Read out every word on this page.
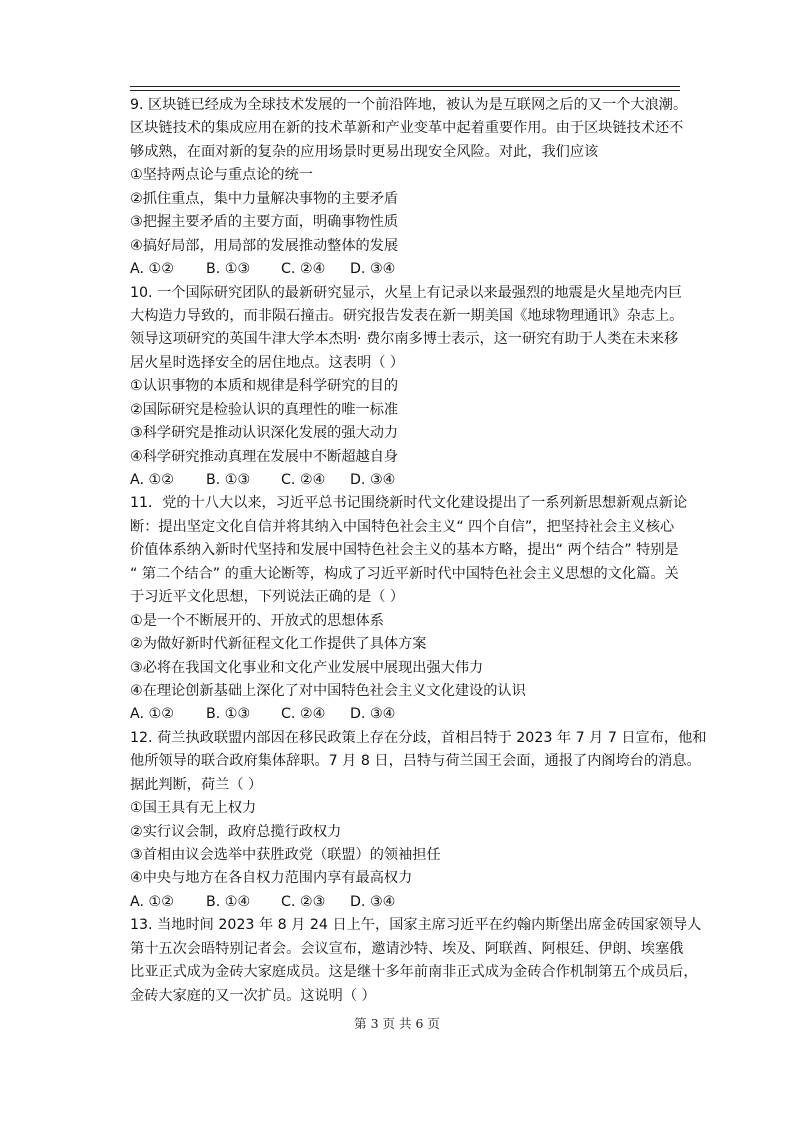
9. 区块链已经成为全球技术发展的一个前沿阵地，被认为是互联网之后的又一个大浪潮。
区块链技术的集成应用在新的技术革新和产业变革中起着重要作用。由于区块链技术还不
够成熟，在面对新的复杂的应用场景时更易出现安全风险。对此，我们应该
①坚持两点论与重点论的统一
②抓住重点，集中力量解决事物的主要矛盾
③把握主要矛盾的主要方面，明确事物性质
④搞好局部，用局部的发展推动整体的发展
A. ①②	B. ①③	C. ②④	D. ③④
10. 一个国际研究团队的最新研究显示，火星上有记录以来最强烈的地震是火星地壳内巨
大构造力导致的，而非陨石撞击。研究报告发表在新一期美国《地球物理通讯》杂志上。
领导这项研究的英国牛津大学本杰明· 费尔南多博士表示，这一研究有助于人类在未来移
居火星时选择安全的居住地点。这表明（ ）
①认识事物的本质和规律是科学研究的目的
②国际研究是检验认识的真理性的唯一标准
③科学研究是推动认识深化发展的强大动力
④科学研究推动真理在发展中不断超越自身
A. ①②	B. ①③	C. ②④	D. ③④
11．党的十八大以来，习近平总书记围绕新时代文化建设提出了一系列新思想新观点新论
断：提出坚定文化自信并将其纳入中国特色社会主义“ 四个自信”，把坚持社会主义核心
价值体系纳入新时代坚持和发展中国特色社会主义的基本方略，提出“ 两个结合” 特别是
“ 第二个结合” 的重大论断等，构成了习近平新时代中国特色社会主义思想的文化篇。关
于习近平文化思想，下列说法正确的是（ ）
①是一个不断展开的、开放式的思想体系
②为做好新时代新征程文化工作提供了具体方案
③必将在我国文化事业和文化产业发展中展现出强大伟力
④在理论创新基础上深化了对中国特色社会主义文化建设的认识
A. ①②	B. ①③	C. ②④	D. ③④
12. 荷兰执政联盟内部因在移民政策上存在分歧，首相吕特于 2023 年 7 月 7 日宣布，他和
他所领导的联合政府集体辞职。7 月 8 日，吕特与荷兰国王会面，通报了内阁垮台的消息。
据此判断，荷兰（ ）
①国王具有无上权力
②实行议会制，政府总揽行政权力
③首相由议会选举中获胜政党（联盟）的领袖担任
④中央与地方在各自权力范围内享有最高权力
A. ①②	B. ①④	C. ②③	D. ③④
13. 当地时间 2023 年 8 月 24 日上午，国家主席习近平在约翰内斯堡出席金砖国家领导人
第十五次会晤特别记者会。会议宣布，邀请沙特、埃及、阿联酋、阿根廷、伊朗、埃塞俄
比亚正式成为金砖大家庭成员。这是继十多年前南非正式成为金砖合作机制第五个成员后，
金砖大家庭的又一次扩员。这说明（ ）
第 3 页 共 6 页
